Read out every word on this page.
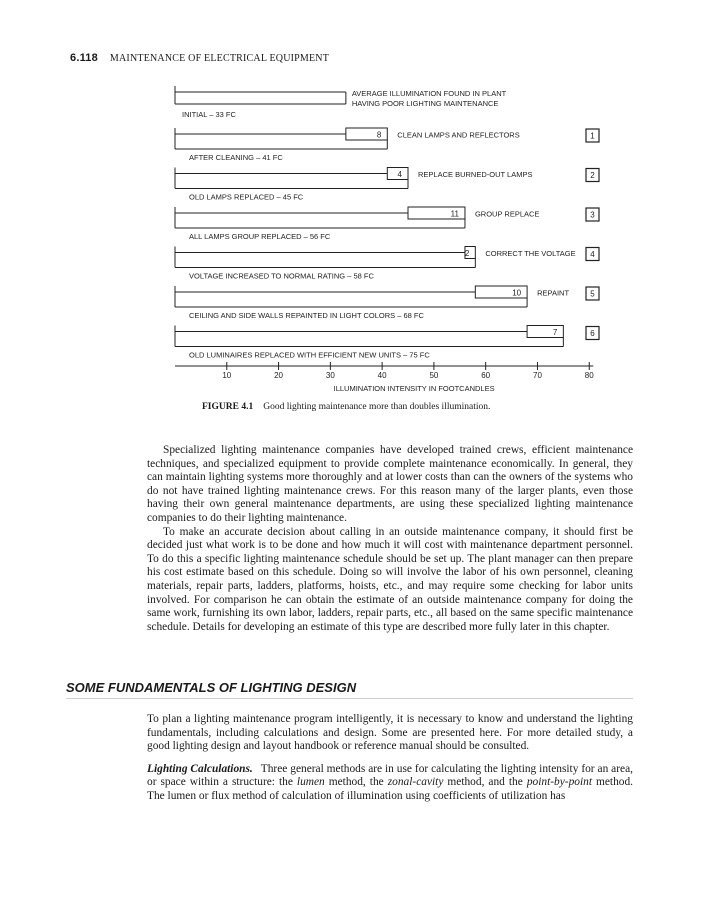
6.118 MAINTENANCE OF ELECTRICAL EQUIPMENT
AVERAGE ILLUMINATION FOUND IN PLANT
HAVING POOR LIGHTING MAINTENANCE
INITIAL – 33 FC
8 CLEAN LAMPS AND REFLECTORS	1
AFTER CLEANING – 41 FC
4 REPLACE BURNED-OUT LAMPS	2
OLD LAMPS REPLACED – 45 FC
11 GROUP REPLACE	3
ALL LAMPS GROUP REPLACED – 56 FC
2 CORRECT THE VOLTAGE 4
VOLTAGE INCREASED TO NORMAL RATING – 58 FC
10 REPAINT	5
CEILING AND SIDE WALLS REPAINTED IN LIGHT COLORS – 68 FC
7	6
OLD LUMINAIRES REPLACED WITH EFFICIENT NEW UNITS – 75 FC
10	20	30	40	50	60	70	80
ILLUMINATION INTENSITY IN FOOTCANDLES
FIGURE 4.1 Good lighting maintenance more than doubles illumination.

Specialized lighting maintenance companies have developed trained crews, efficient maintenance techniques, and specialized equipment to provide complete maintenance economically. In general, they can maintain lighting systems more thoroughly and at lower costs than can the owners of the systems who do not have trained lighting maintenance crews. For this reason many of the larger plants, even those having their own general maintenance departments, are using these specialized lighting maintenance companies to do their lighting maintenance.

To make an accurate decision about calling in an outside maintenance company, it should first be decided just what work is to be done and how much it will cost with maintenance department personnel. To do this a specific lighting maintenance schedule should be set up. The plant manager can then prepare his cost estimate based on this schedule. Doing so will involve the labor of his own personnel, cleaning materials, repair parts, ladders, platforms, hoists, etc., and may require some checking for labor units involved. For comparison he can obtain the estimate of an outside maintenance company for doing the same work, furnishing its own labor, ladders, repair parts, etc., all based on the same specific maintenance schedule. Details for developing an estimate of this type are described more fully later in this chapter.

SOME FUNDAMENTALS OF LIGHTING DESIGN

To plan a lighting maintenance program intelligently, it is necessary to know and understand the lighting fundamentals, including calculations and design. Some are presented here. For more detailed study, a good lighting design and layout handbook or reference manual should be consulted.

Lighting Calculations. Three general methods are in use for calculating the lighting intensity for an area, or space within a structure: the lumen method, the zonal-cavity method, and the point-by-point method. The lumen or flux method of calculation of illumination using coefficients of utilization has
